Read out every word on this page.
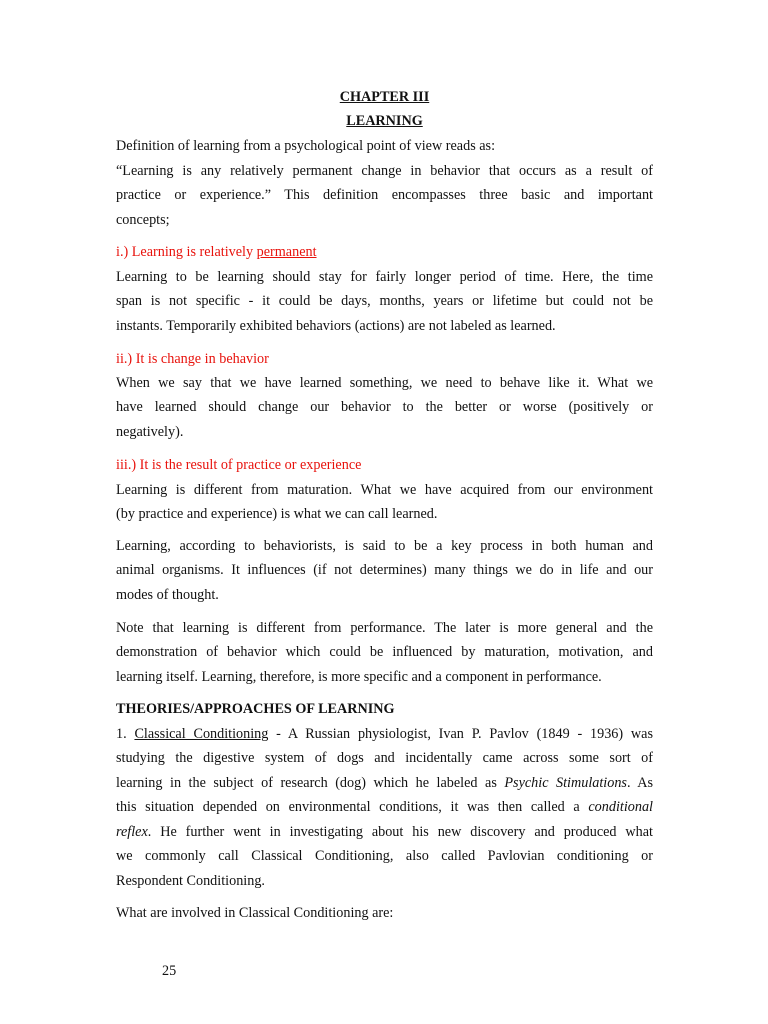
CHAPTER III
LEARNING
Definition of learning from a psychological point of view reads as:
“Learning is any relatively permanent change in behavior that occurs as a result of
practice or experience.” This definition encompasses three basic and important
concepts;
i.) Learning is relatively permanent
Learning to be learning should stay for fairly longer period of time. Here, the time
span is not specific - it could be days, months, years or lifetime but could not be
instants. Temporarily exhibited behaviors (actions) are not labeled as learned.
ii.) It is change in behavior
When we say that we have learned something, we need to behave like it. What we
have learned should change our behavior to the better or worse (positively or
negatively).
iii.) It is the result of practice or experience
Learning is different from maturation. What we have acquired from our environment
(by practice and experience) is what we can call learned.
Learning, according to behaviorists, is said to be a key process in both human and
animal organisms. It influences (if not determines) many things we do in life and our
modes of thought.
Note that learning is different from performance. The later is more general and the
demonstration of behavior which could be influenced by maturation, motivation, and
learning itself. Learning, therefore, is more specific and a component in performance.
THEORIES/APPROACHES OF LEARNING
1. Classical Conditioning - A Russian physiologist, Ivan P. Pavlov (1849 - 1936) was
studying the digestive system of dogs and incidentally came across some sort of
learning in the subject of research (dog) which he labeled as Psychic Stimulations. As
this situation depended on environmental conditions, it was then called a conditional
reflex. He further went in investigating about his new discovery and produced what
we commonly call Classical Conditioning, also called Pavlovian conditioning or
Respondent Conditioning.
What are involved in Classical Conditioning are:
25
